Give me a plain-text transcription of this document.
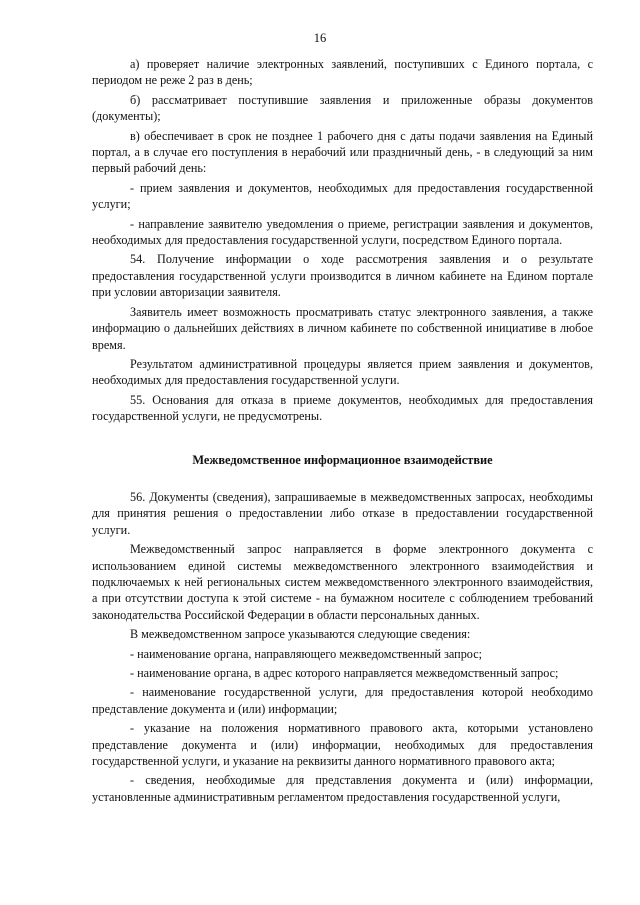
16

а) проверяет наличие электронных заявлений, поступивших с Единого портала, с периодом не реже 2 раз в день;

б) рассматривает поступившие заявления и приложенные образы документов (документы);

в) обеспечивает в срок не позднее 1 рабочего дня с даты подачи заявления на Единый портал, а в случае его поступления в нерабочий или праздничный день, - в следующий за ним первый рабочий день:

- прием заявления и документов, необходимых для предоставления государственной услуги;

- направление заявителю уведомления о приеме, регистрации заявления и документов, необходимых для предоставления государственной услуги, посредством Единого портала.

54. Получение информации о ходе рассмотрения заявления и о результате предоставления государственной услуги производится в личном кабинете на Едином портале при условии авторизации заявителя.

Заявитель имеет возможность просматривать статус электронного заявления, а также информацию о дальнейших действиях в личном кабинете по собственной инициативе в любое время.

Результатом административной процедуры является прием заявления и документов, необходимых для предоставления государственной услуги.

55. Основания для отказа в приеме документов, необходимых для предоставления государственной услуги, не предусмотрены.

Межведомственное информационное взаимодействие

56. Документы (сведения), запрашиваемые в межведомственных запросах, необходимы для принятия решения о предоставлении либо отказе в предоставлении государственной услуги.

Межведомственный запрос направляется в форме электронного документа с использованием единой системы межведомственного электронного взаимодействия и подключаемых к ней региональных систем межведомственного электронного взаимодействия, а при отсутствии доступа к этой системе - на бумажном носителе с соблюдением требований законодательства Российской Федерации в области персональных данных.

В межведомственном запросе указываются следующие сведения:

- наименование органа, направляющего межведомственный запрос;

- наименование органа, в адрес которого направляется межведомственный запрос;

- наименование государственной услуги, для предоставления которой необходимо представление документа и (или) информации;

- указание на положения нормативного правового акта, которыми установлено представление документа и (или) информации, необходимых для предоставления государственной услуги, и указание на реквизиты данного нормативного правового акта;

- сведения, необходимые для представления документа и (или) информации, установленные административным регламентом предоставления государственной услуги,
